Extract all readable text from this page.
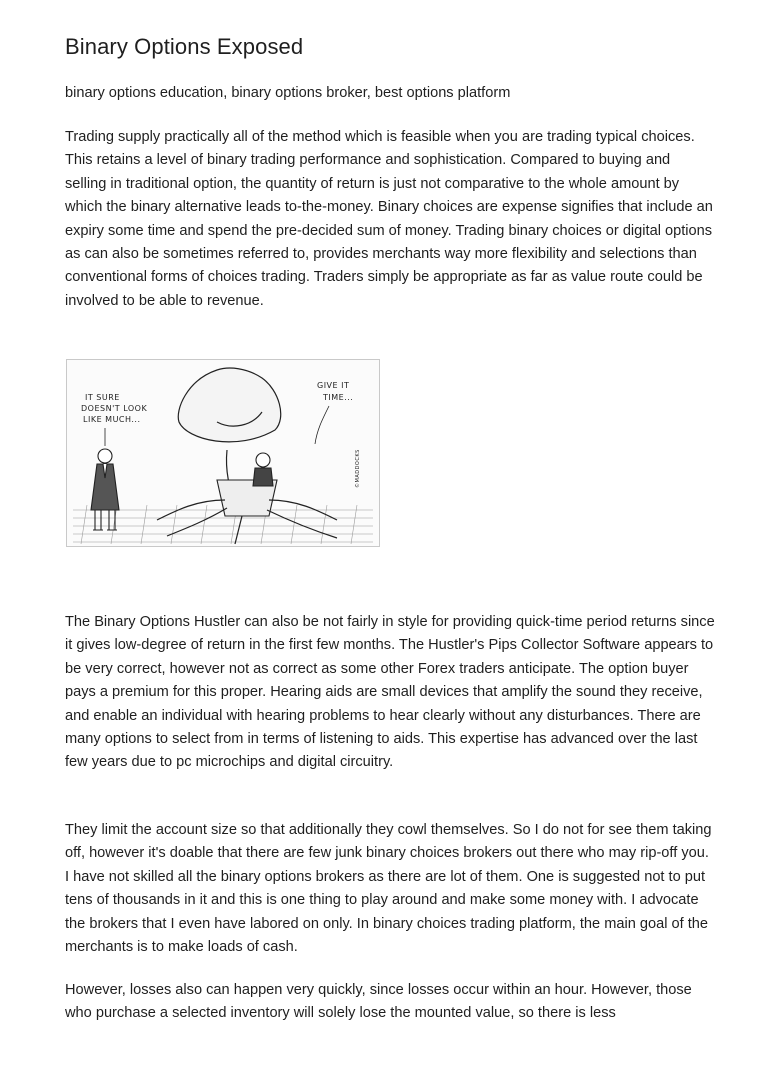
Binary Options Exposed
binary options education, binary options broker, best options platform

Trading supply practically all of the method which is feasible when you are trading typical choices. This retains a level of binary trading performance and sophistication. Compared to buying and selling in traditional option, the quantity of return is just not comparative to the whole amount by which the binary alternative leads to-the-money. Binary choices are expense signifies that include an expiry some time and spend the pre-decided sum of money. Trading binary choices or digital options as can also be sometimes referred to, provides merchants way more flexibility and selections than conventional forms of choices trading. Traders simply be appropriate as far as value route could be involved to be able to revenue.

IT SURE
DOESN'T LOOK
LIKE MUCH...
GIVE IT
TIME...
©MADDOCKS

The Binary Options Hustler can also be not fairly in style for providing quick-time period returns since it gives low-degree of return in the first few months. The Hustler's Pips Collector Software appears to be very correct, however not as correct as some other Forex traders anticipate. The option buyer pays a premium for this proper. Hearing aids are small devices that amplify the sound they receive, and enable an individual with hearing problems to hear clearly without any disturbances. There are many options to select from in terms of listening to aids. This expertise has advanced over the last few years due to pc microchips and digital circuitry.

They limit the account size so that additionally they cowl themselves. So I do not for see them taking off, however it's doable that there are few junk binary choices brokers out there who may rip-off you. I have not skilled all the binary options brokers as there are lot of them. One is suggested not to put tens of thousands in it and this is one thing to play around and make some money with. I advocate the brokers that I even have labored on only. In binary choices trading platform, the main goal of the merchants is to make loads of cash.

However, losses also can happen very quickly, since losses occur within an hour. However, those who purchase a selected inventory will solely lose the mounted value, so there is less
